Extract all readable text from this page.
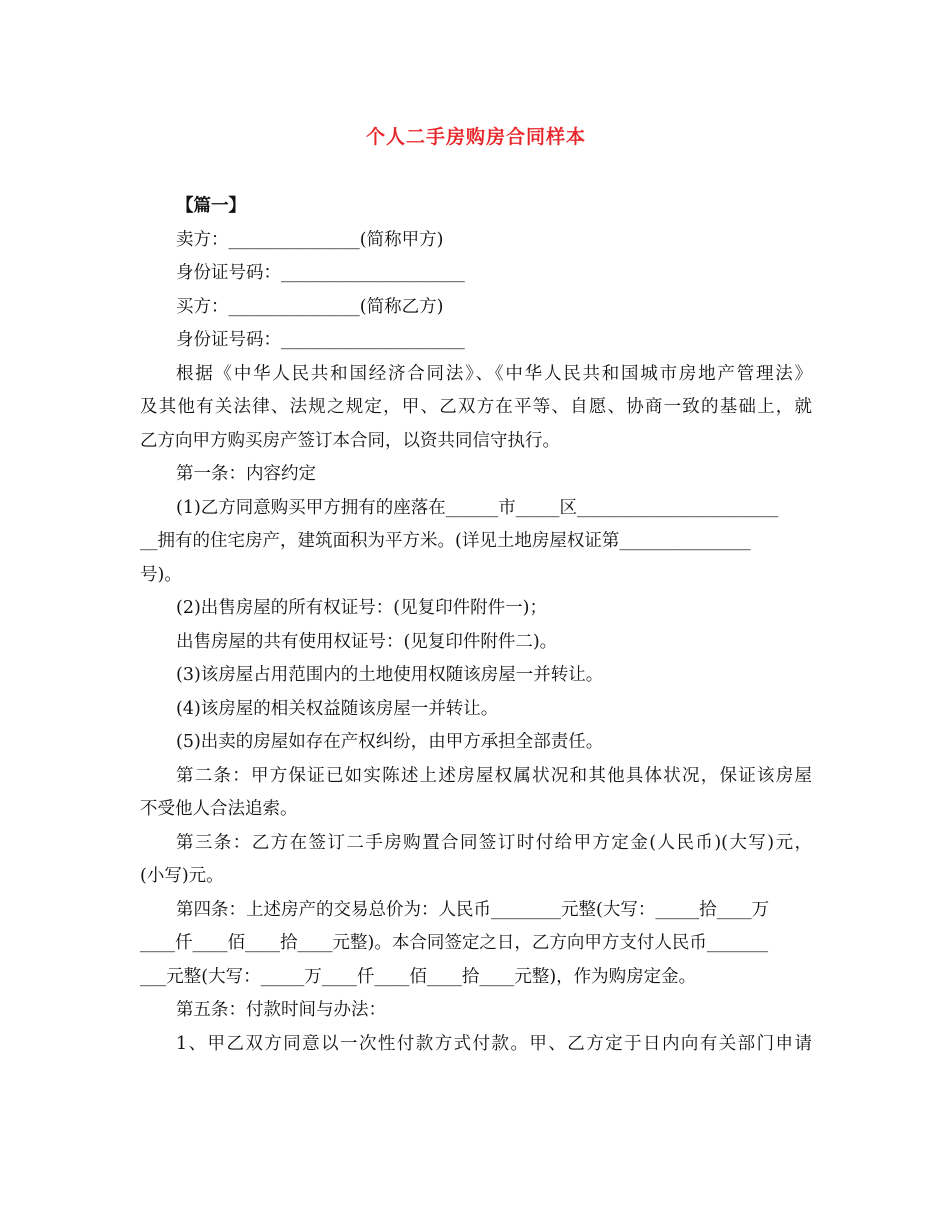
个人二手房购房合同样本
【篇一】
卖方：_______________(简称甲方)
身份证号码：_____________________
买方：_______________(简称乙方)
身份证号码：_____________________
根据《中华人民共和国经济合同法》、《中华人民共和国城市房地产管理法》
及其他有关法律、法规之规定，甲、乙双方在平等、自愿、协商一致的基础上，就
乙方向甲方购买房产签订本合同，以资共同信守执行。
第一条：内容约定
(1)乙方同意购买甲方拥有的座落在______市_____区_______________________
__拥有的住宅房产，建筑面积为平方米。(详见土地房屋权证第_______________
号)。
(2)出售房屋的所有权证号：(见复印件附件一)；
出售房屋的共有使用权证号：(见复印件附件二)。
(3)该房屋占用范围内的土地使用权随该房屋一并转让。
(4)该房屋的相关权益随该房屋一并转让。
(5)出卖的房屋如存在产权纠纷，由甲方承担全部责任。
第二条：甲方保证已如实陈述上述房屋权属状况和其他具体状况，保证该房屋
不受他人合法追索。
第三条：乙方在签订二手房购置合同签订时付给甲方定金(人民币)(大写)元，
(小写)元。
第四条：上述房产的交易总价为：人民币________元整(大写：_____拾____万
____仟____佰____拾____元整)。本合同签定之日，乙方向甲方支付人民币_______
___元整(大写：_____万____仟____佰____拾____元整)，作为购房定金。
第五条：付款时间与办法：
1、甲乙双方同意以一次性付款方式付款。甲、乙方定于日内向有关部门申请
